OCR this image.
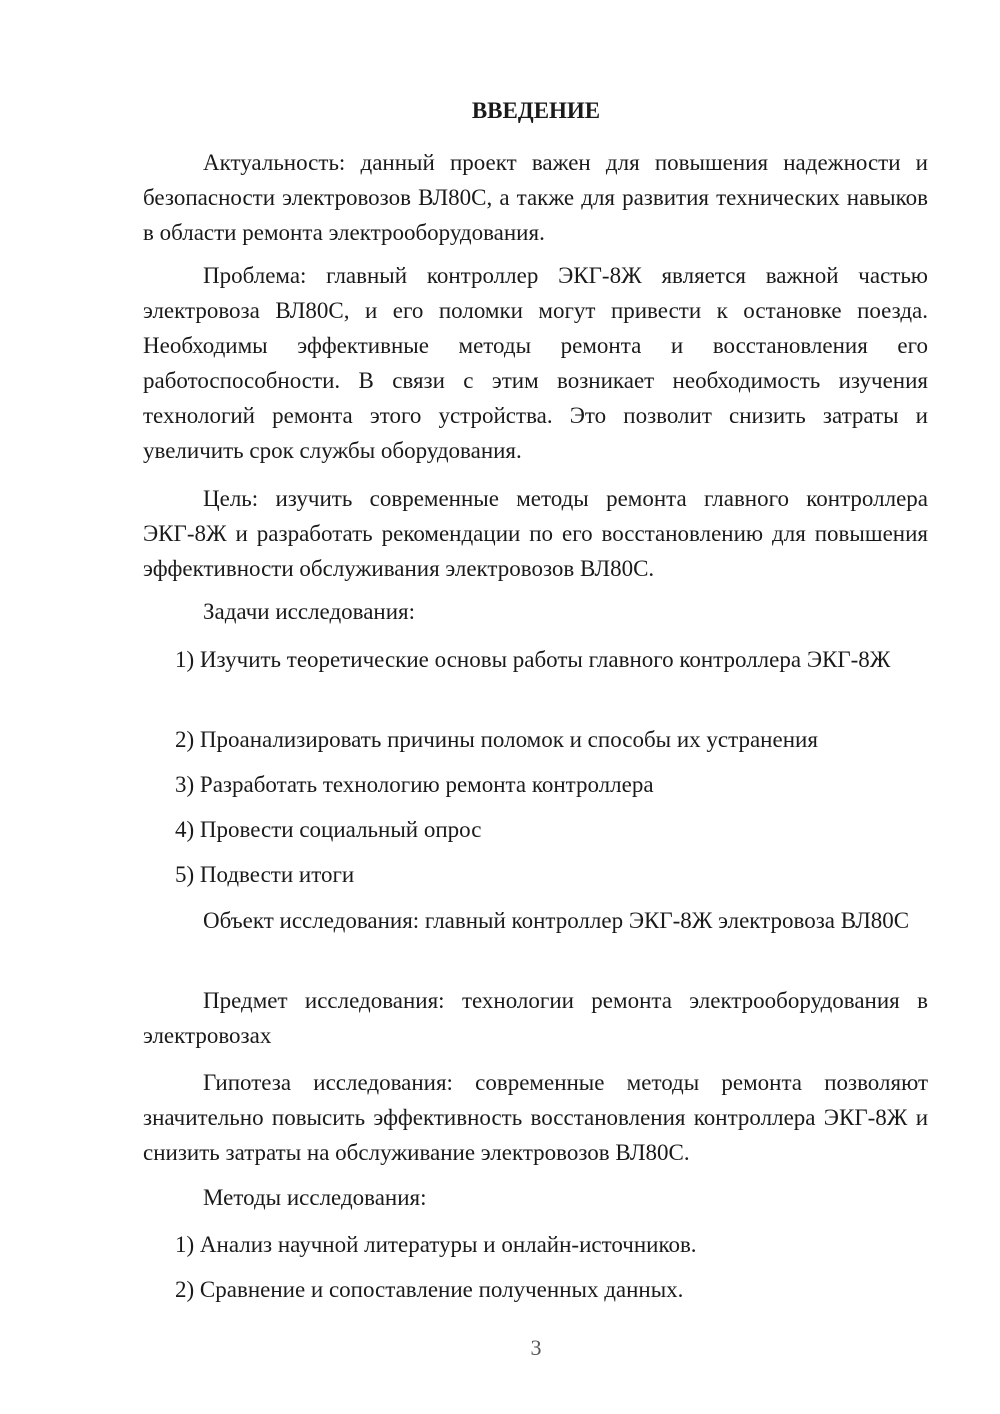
ВВЕДЕНИЕ

Актуальность: данный проект важен для повышения надежности и безопасности электровозов ВЛ80С, а также для развития технических навыков в области ремонта электрооборудования.

Проблема: главный контроллер ЭКГ-8Ж является важной частью электровоза ВЛ80С, и его поломки могут привести к остановке поезда. Необходимы эффективные методы ремонта и восстановления его работоспособности. В связи с этим возникает необходимость изучения технологий ремонта этого устройства. Это позволит снизить затраты и увеличить срок службы оборудования.

Цель: изучить современные методы ремонта главного контроллера ЭКГ-8Ж и разработать рекомендации по его восстановлению для повышения эффективности обслуживания электровозов ВЛ80С.

Задачи исследования:

1) Изучить теоретические основы работы главного контроллера ЭКГ-8Ж

2) Проанализировать причины поломок и способы их устранения

3) Разработать технологию ремонта контроллера

4) Провести социальный опрос

5) Подвести итоги

Объект исследования: главный контроллер ЭКГ-8Ж электровоза ВЛ80С

Предмет исследования: технологии ремонта электрооборудования в электровозах

Гипотеза исследования: современные методы ремонта позволяют значительно повысить эффективность восстановления контроллера ЭКГ-8Ж и снизить затраты на обслуживание электровозов ВЛ80С.

Методы исследования:

1) Анализ научной литературы и онлайн-источников.

2) Сравнение и сопоставление полученных данных.

3
